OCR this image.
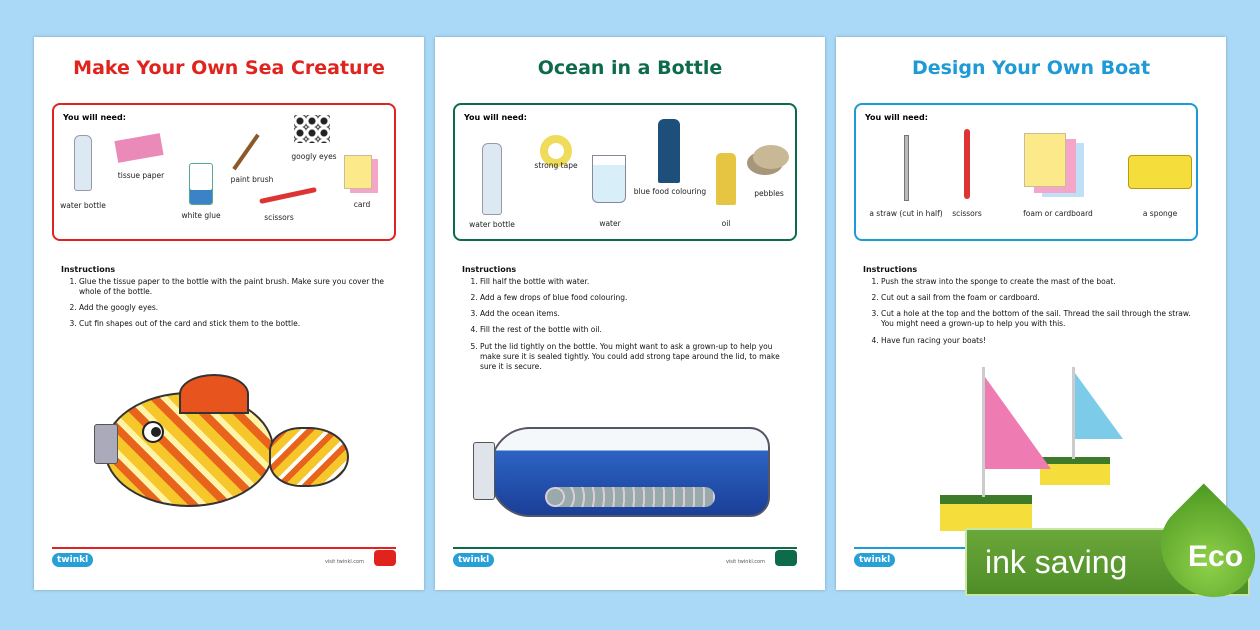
Make Your Own Sea Creature
You will need:
water bottle
tissue paper
white glue
paint brush
googly eyes
scissors
card
Instructions
1. Glue the tissue paper to the bottle with the paint brush. Make sure you cover the whole of the bottle.
2. Add the googly eyes.
3. Cut fin shapes out of the card and stick them to the bottle.
twinkl	visit twinkl.com
Ocean in a Bottle
You will need:
water bottle
strong tape
water
blue food colouring
oil
pebbles
Instructions
1. Fill half the bottle with water.
2. Add a few drops of blue food colouring.
3. Add the ocean items.
4. Fill the rest of the bottle with oil.
5. Put the lid tightly on the bottle. You might want to ask a grown-up to help you make sure it is sealed tightly. You could add strong tape around the lid, to make sure it is secure.
twinkl	visit twinkl.com
Design Your Own Boat
You will need:
a straw (cut in half)	scissors	foam or cardboard	a sponge
Instructions
1. Push the straw into the sponge to create the mast of the boat.
2. Cut out a sail from the foam or cardboard.
3. Cut a hole at the top and the bottom of the sail. Thread the sail through the straw. You might need a grown-up to help you with this.
4. Have fun racing your boats!
twinkl	ink saving Eco
